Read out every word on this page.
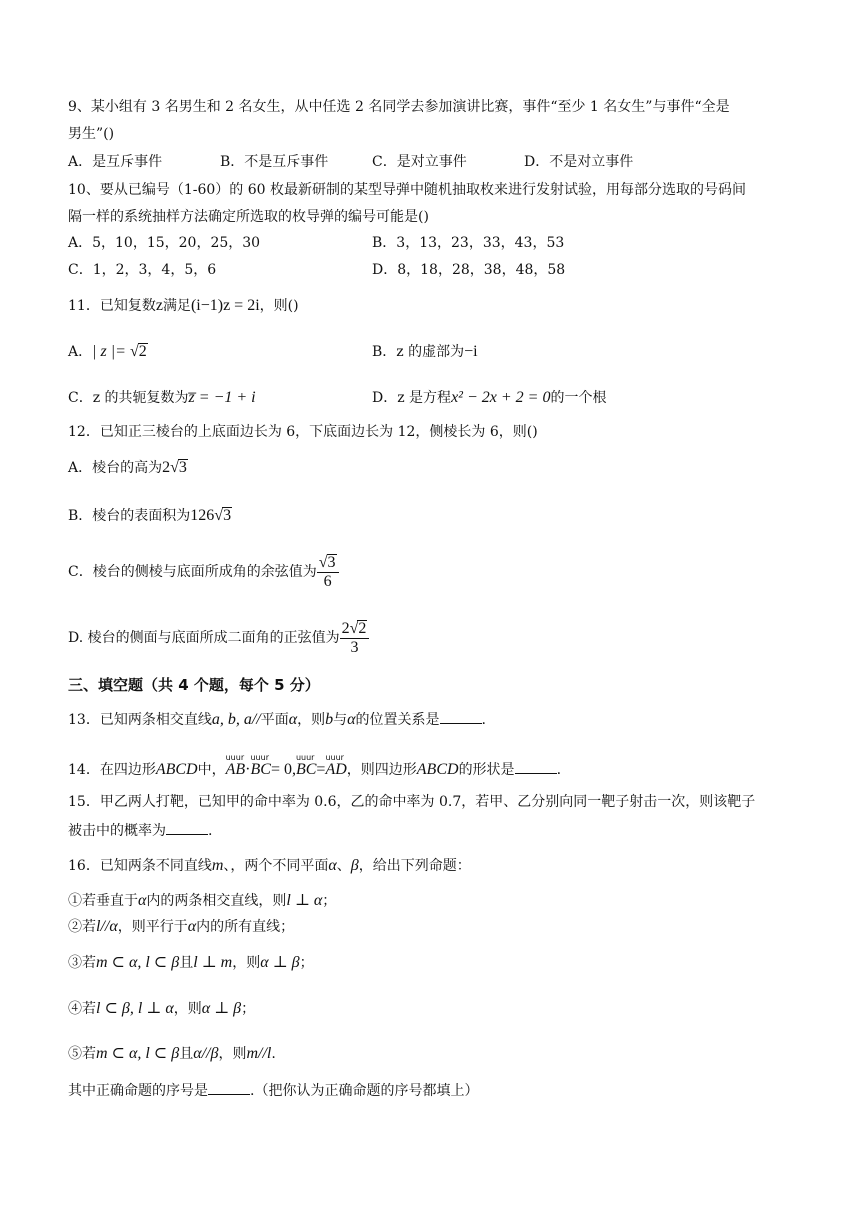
9、某小组有 3 名男生和 2 名女生，从中任选 2 名同学去参加演讲比赛，事件“至少 1 名女生”与事件“全是
男生”()
A．是互斥事件	B．不是互斥事件	C．是对立事件	D．不是对立事件
10、要从已编号（1-60）的 60 枚最新研制的某型导弹中随机抽取枚来进行发射试验，用每部分选取的号码间
隔一样的系统抽样方法确定所选取的枚导弹的编号可能是()
A．5，10，15，20，25，30	B．3，13，23，33，43，53
C．1，2，3，4，5，6	D．8，18，28，38，48，58
11．已知复数z满足(i−1)z = 2i，则()
A．| z |= √2	B．z 的虚部为−i
C．z 的共轭复数为z̅ = −1 + i	D．z 是方程x² − 2x + 2 = 0的一个根
12．已知正三棱台的上底面边长为 6，下底面边长为 12，侧棱长为 6，则()
A．棱台的高为2√3
B．棱台的表面积为126√3
C．棱台的侧棱与底面所成角的余弦值为 $\frac{√3}{6}$
D. 棱台的侧面与底面所成二面角的正弦值为 $\frac{2√2}{3}$
三、填空题（共 4 个题，每个 5 分）
13．已知两条相交直线a, b, a//平面α，则b与α的位置关系是	.
14．在四边形ABCD中，
uuur
AB·
uuur
BC= 0,
uuur
BC=
uuur
AD，则四边形ABCD的形状是	.
15．甲乙两人打靶，已知甲的命中率为 0.6，乙的命中率为 0.7，若甲、乙分别向同一靶子射击一次，则该靶子
被击中的概率为	.
16．已知两条不同直线m、，两个不同平面α、β，给出下列命题：
①若垂直于α内的两条相交直线，则l ⊥ α；
②若l//α，则平行于α内的所有直线；
③若m ⊂ α, l ⊂ β且l ⊥ m，则α ⊥ β；
④若l ⊂ β, l ⊥ α，则α ⊥ β；
⑤若m ⊂ α, l ⊂ β且α//β，则m//l.
其中正确命题的序号是	.（把你认为正确命题的序号都填上）
